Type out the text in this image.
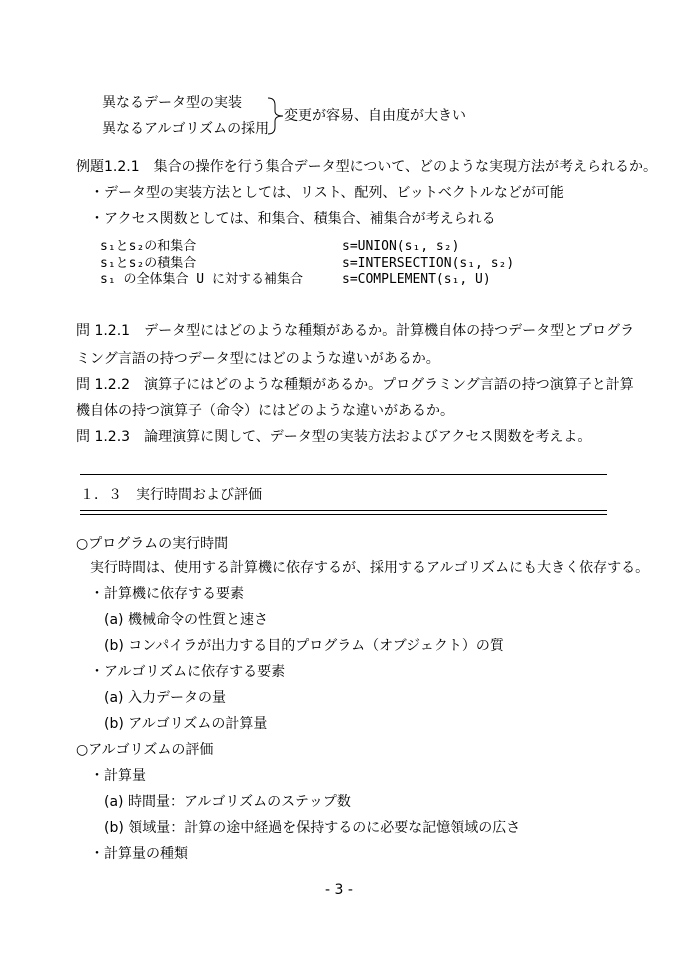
異なるデータ型の実装
異なるアルゴリズムの採用
変更が容易、自由度が大きい
例題1.2.1　集合の操作を行う集合データ型について、どのような実現方法が考えられるか。
・データ型の実装方法としては、リスト、配列、ビットベクトルなどが可能
・アクセス関数としては、和集合、積集合、補集合が考えられる
s₁とs₂の和集合	s=UNION(s₁, s₂)
s₁とs₂の積集合	s=INTERSECTION(s₁, s₂)
s₁ の全体集合 U に対する補集合	s=COMPLEMENT(s₁, U)
問 1.2.1　データ型にはどのような種類があるか。計算機自体の持つデータ型とプログラ
ミング言語の持つデータ型にはどのような違いがあるか。
問 1.2.2　演算子にはどのような種類があるか。プログラミング言語の持つ演算子と計算
機自体の持つ演算子（命令）にはどのような違いがあるか。
問 1.2.3　論理演算に関して、データ型の実装方法およびアクセス関数を考えよ。
１．３　実行時間および評価
○プログラムの実行時間
実行時間は、使用する計算機に依存するが、採用するアルゴリズムにも大きく依存する。
・計算機に依存する要素
(a) 機械命令の性質と速さ
(b) コンパイラが出力する目的プログラム（オブジェクト）の質
・アルゴリズムに依存する要素
(a) 入力データの量
(b) アルゴリズムの計算量
○アルゴリズムの評価
・計算量
(a) 時間量：アルゴリズムのステップ数
(b) 領域量：計算の途中経過を保持するのに必要な記憶領域の広さ
・計算量の種類
- 3 -
